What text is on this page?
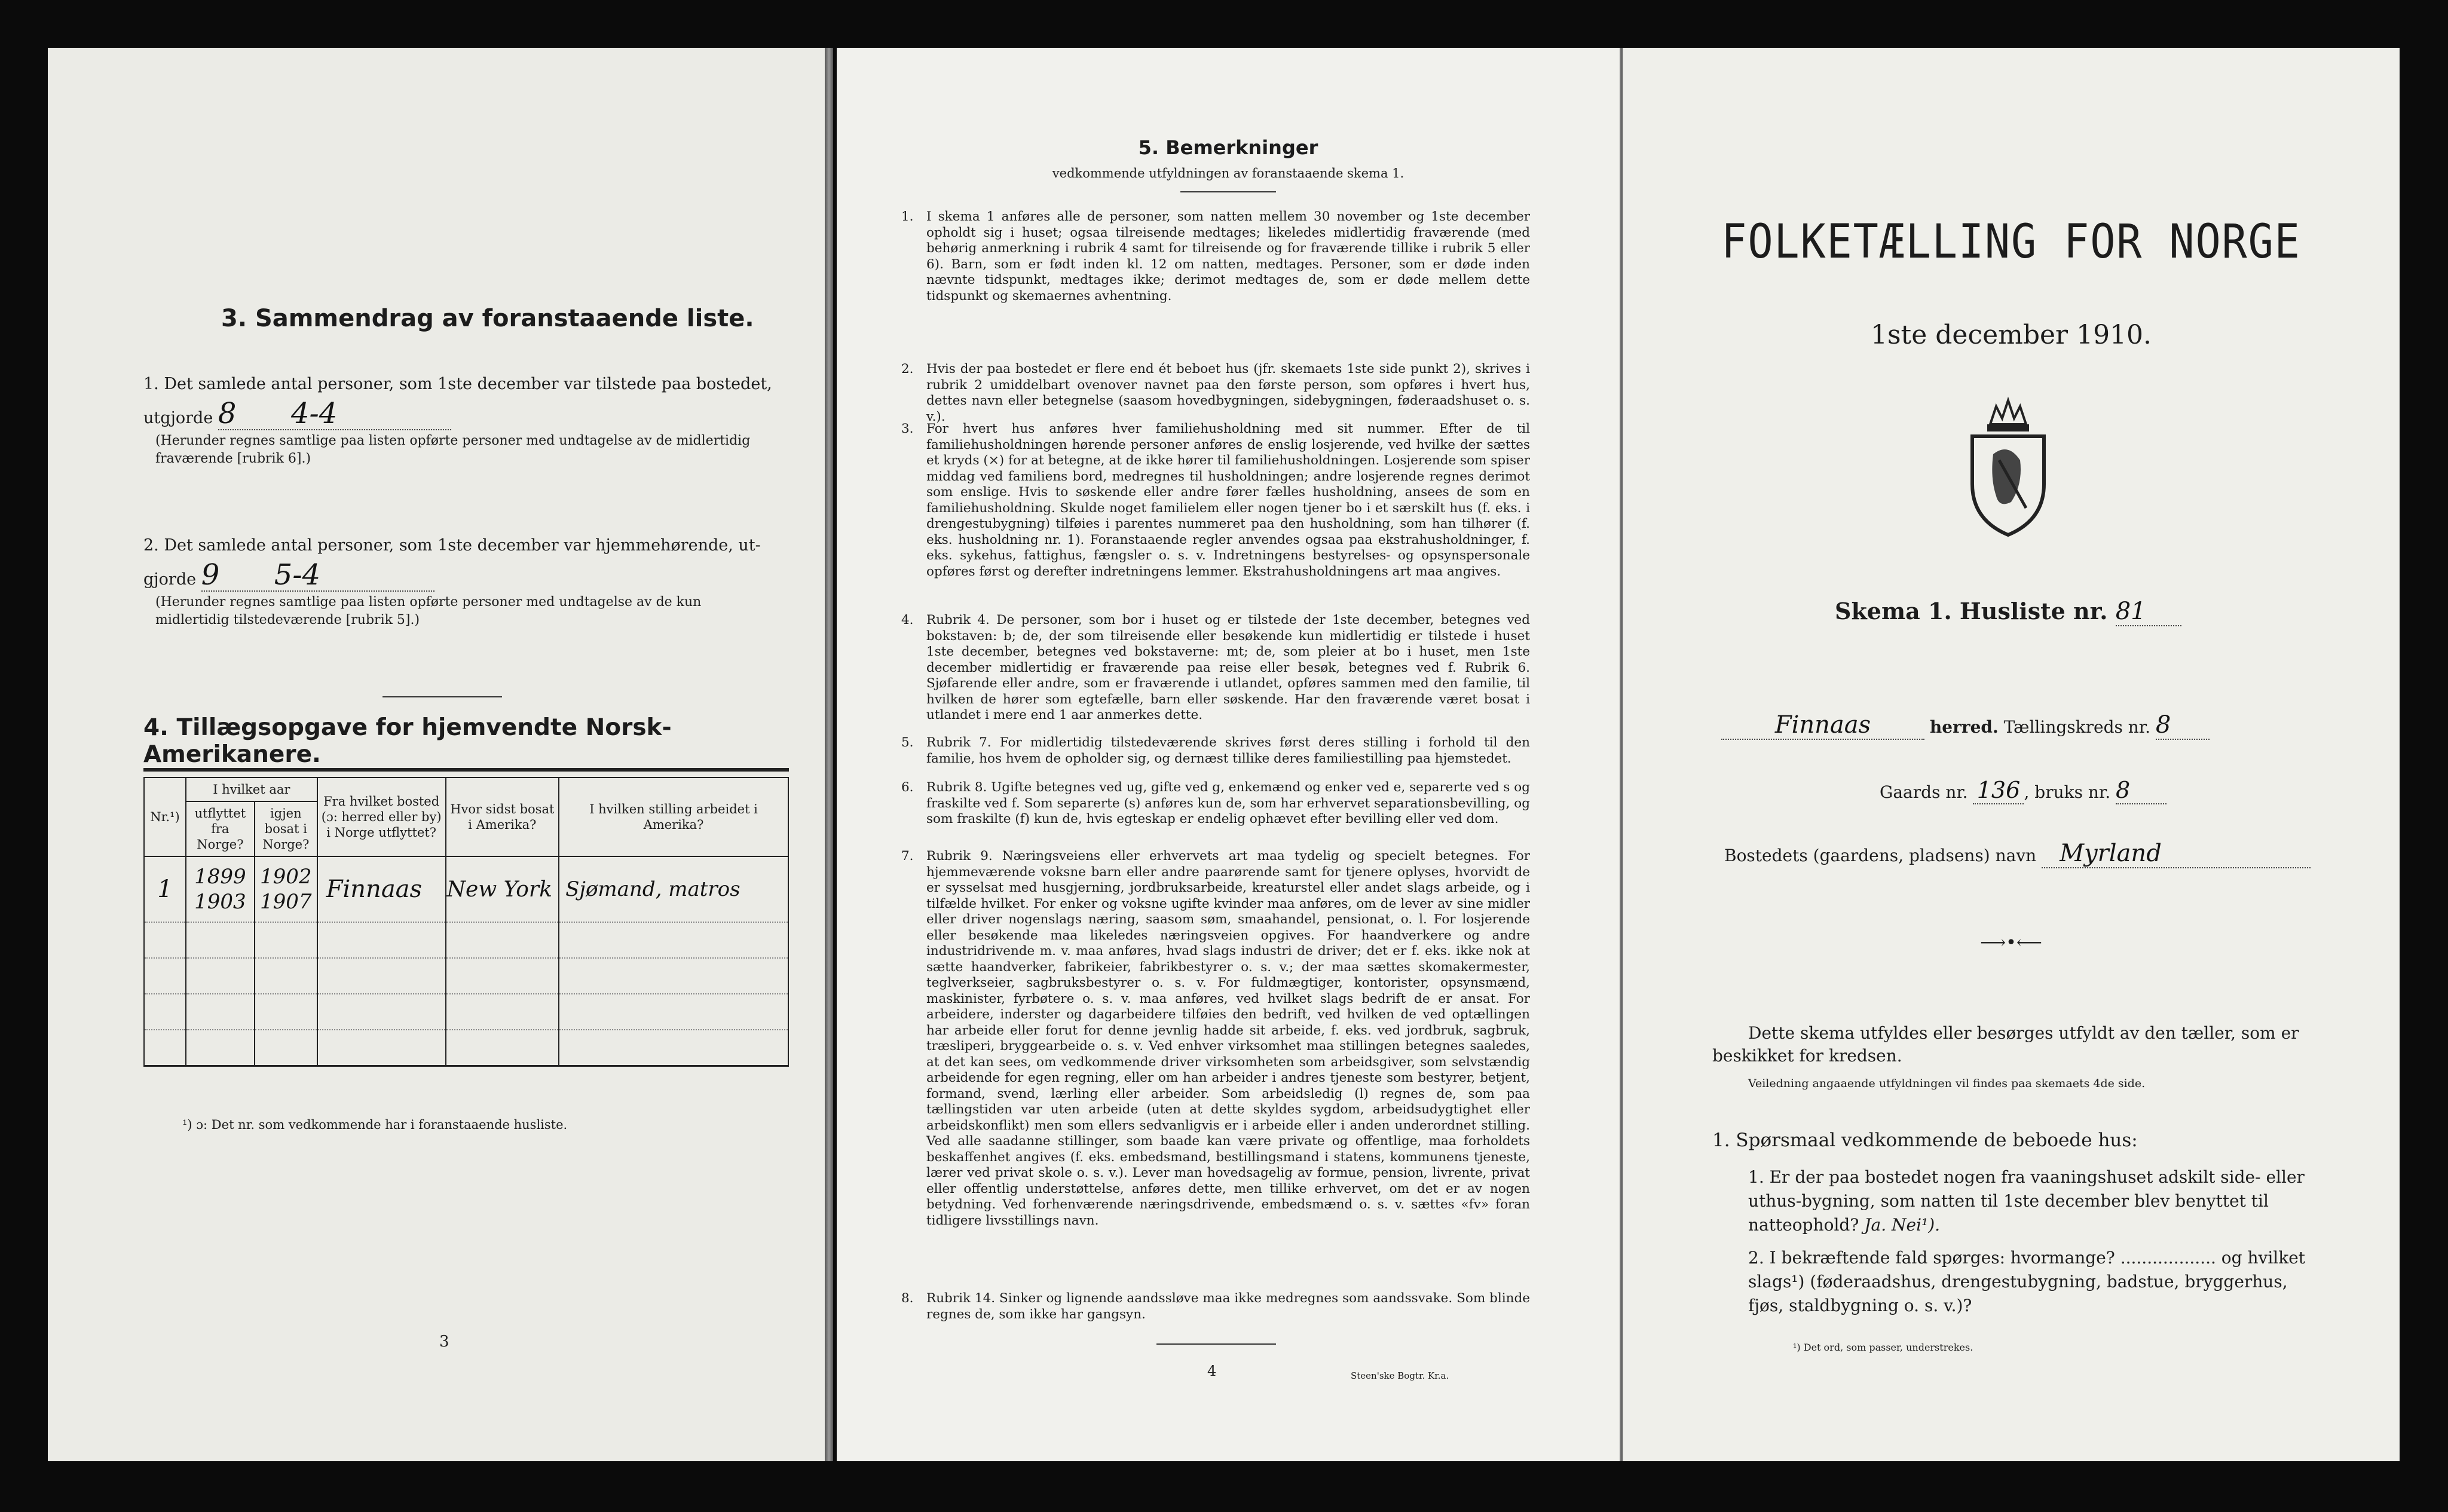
3. Sammendrag av foranstaaende liste.

1. Det samlede antal personer, som 1ste december var tilstede paa bostedet,

utgjorde 8 4-4

(Herunder regnes samtlige paa listen opførte personer med undtagelse av de midlertidig fraværende [rubrik 6].)

2. Det samlede antal personer, som 1ste december var hjemmehørende, ut-

gjorde 9 5-4

(Herunder regnes samtlige paa listen opførte personer med undtagelse av de kun midlertidig tilstedeværende [rubrik 5].)

4. Tillægsopgave for hjemvendte Norsk-Amerikanere.
Nr.¹)	I hvilket aar		Fra hvilket bosted (ɔ: herred eller by) i Norge utflyttet?	Hvor sidst bosat i Amerika?	I hvilken stilling arbeidet i Amerika?
	utflyttet fra Norge?	igjen bosat i Norge?			
1	1899 1903	1902 1907	Finnaas	New York	Sjømand, matros

¹) ɔ: Det nr. som vedkommende har i foranstaaende husliste.
3
5. Bemerkninger
vedkommende utfyldningen av foranstaaende skema 1.
1. I skema 1 anføres alle de personer, som natten mellem 30 november og 1ste december opholdt sig i huset; ogsaa tilreisende medtages; likeledes midlertidig fraværende (med behørig anmerkning i rubrik 4 samt for tilreisende og for fraværende tillike i rubrik 5 eller 6). Barn, som er født inden kl. 12 om natten, medtages. Personer, som er døde inden nævnte tidspunkt, medtages ikke; derimot medtages de, som er døde mellem dette tidspunkt og skemaernes avhentning.
2. Hvis der paa bostedet er flere end ét beboet hus (jfr. skemaets 1ste side punkt 2), skrives i rubrik 2 umiddelbart ovenover navnet paa den første person, som opføres i hvert hus, dettes navn eller betegnelse (saasom hovedbygningen, sidebygningen, føderaadshuset o. s. v.).
3. For hvert hus anføres hver familiehusholdning med sit nummer. Efter de til familiehusholdningen hørende personer anføres de enslig losjerende, ved hvilke der sættes et kryds (×) for at betegne, at de ikke hører til familiehusholdningen. Losjerende som spiser middag ved familiens bord, medregnes til husholdningen; andre losjerende regnes derimot som enslige. Hvis to søskende eller andre fører fælles husholdning, ansees de som en familiehusholdning. Skulde noget familielem eller nogen tjener bo i et særskilt hus (f. eks. i drengestubygning) tilføies i parentes nummeret paa den husholdning, som han tilhører (f. eks. husholdning nr. 1). Foranstaaende regler anvendes ogsaa paa ekstrahusholdninger, f. eks. sykehus, fattighus, fængsler o. s. v. Indretningens bestyrelses- og opsynspersonale opføres først og derefter indretningens lemmer. Ekstrahusholdningens art maa angives.
4. Rubrik 4. De personer, som bor i huset og er tilstede der 1ste december, betegnes ved bokstaven: b; de, der som tilreisende eller besøkende kun midlertidig er tilstede i huset 1ste december, betegnes ved bokstaverne: mt; de, som pleier at bo i huset, men 1ste december midlertidig er fraværende paa reise eller besøk, betegnes ved f. Rubrik 6. Sjøfarende eller andre, som er fraværende i utlandet, opføres sammen med den familie, til hvilken de hører som egtefælle, barn eller søskende. Har den fraværende været bosat i utlandet i mere end 1 aar anmerkes dette.
5. Rubrik 7. For midlertidig tilstedeværende skrives først deres stilling i forhold til den familie, hos hvem de opholder sig, og dernæst tillike deres familiestilling paa hjemstedet.
6. Rubrik 8. Ugifte betegnes ved ug, gifte ved g, enkemænd og enker ved e, separerte ved s og fraskilte ved f. Som separerte (s) anføres kun de, som har erhvervet separationsbevilling, og som fraskilte (f) kun de, hvis egteskap er endelig ophævet efter bevilling eller ved dom.
7. Rubrik 9. Næringsveiens eller erhvervets art maa tydelig og specielt betegnes. For hjemmeværende voksne barn eller andre paarørende samt for tjenere oplyses, hvorvidt de er sysselsat med husgjerning, jordbruksarbeide, kreaturstel eller andet slags arbeide, og i tilfælde hvilket. For enker og voksne ugifte kvinder maa anføres, om de lever av sine midler eller driver nogenslags næring, saasom søm, smaahandel, pensionat, o. l. For losjerende eller besøkende maa likeledes næringsveien opgives. For haandverkere og andre industridrivende m. v. maa anføres, hvad slags industri de driver; det er f. eks. ikke nok at sætte haandverker, fabrikeier, fabrikbestyrer o. s. v.; der maa sættes skomakermester, teglverkseier, sagbruksbestyrer o. s. v. For fuldmægtiger, kontorister, opsynsmænd, maskinister, fyrbøtere o. s. v. maa anføres, ved hvilket slags bedrift de er ansat. For arbeidere, inderster og dagarbeidere tilføies den bedrift, ved hvilken de ved optællingen har arbeide eller forut for denne jevnlig hadde sit arbeide, f. eks. ved jordbruk, sagbruk, træsliperi, bryggearbeide o. s. v. Ved enhver virksomhet maa stillingen betegnes saaledes, at det kan sees, om vedkommende driver virksomheten som arbeidsgiver, som selvstændig arbeidende for egen regning, eller om han arbeider i andres tjeneste som bestyrer, betjent, formand, svend, lærling eller arbeider. Som arbeidsledig (l) regnes de, som paa tællingstiden var uten arbeide (uten at dette skyldes sygdom, arbeidsudygtighet eller arbeidskonflikt) men som ellers sedvanligvis er i arbeide eller i anden underordnet stilling. Ved alle saadanne stillinger, som baade kan være private og offentlige, maa forholdets beskaffenhet angives (f. eks. embedsmand, bestillingsmand i statens, kommunens tjeneste, lærer ved privat skole o. s. v.). Lever man hovedsagelig av formue, pension, livrente, privat eller offentlig understøttelse, anføres dette, men tillike erhvervet, om det er av nogen betydning. Ved forhenværende næringsdrivende, embedsmænd o. s. v. sættes «fv» foran tidligere livsstillings navn.
8. Rubrik 14. Sinker og lignende aandssløve maa ikke medregnes som aandssvake. Som blinde regnes de, som ikke har gangsyn.
4	Steen'ske Bogtr. Kr.a.
FOLKETÆLLING FOR NORGE
1ste december 1910.
Skema 1. Husliste nr. 81
Finnaas	herred. Tællingskreds nr. 8
Gaards nr. 136 , bruks nr. 8
Bostedets (gaardens, pladsens) navn Myrland
⟶•⟵
Dette skema utfyldes eller besørges utfyldt av den tæller, som er beskikket for kredsen.
Veiledning angaaende utfyldningen vil findes paa skemaets 4de side.
1. Spørsmaal vedkommende de beboede hus:
1. Er der paa bostedet nogen fra vaaningshuset adskilt side- eller uthus-bygning, som natten til 1ste december blev benyttet til natteophold? Ja. Nei¹).
2. I bekræftende fald spørges: hvormange? .................. og hvilket slags¹) (føderaadshus, drengestubygning, badstue, bryggerhus, fjøs, staldbygning o. s. v.)?
¹) Det ord, som passer, understrekes.
